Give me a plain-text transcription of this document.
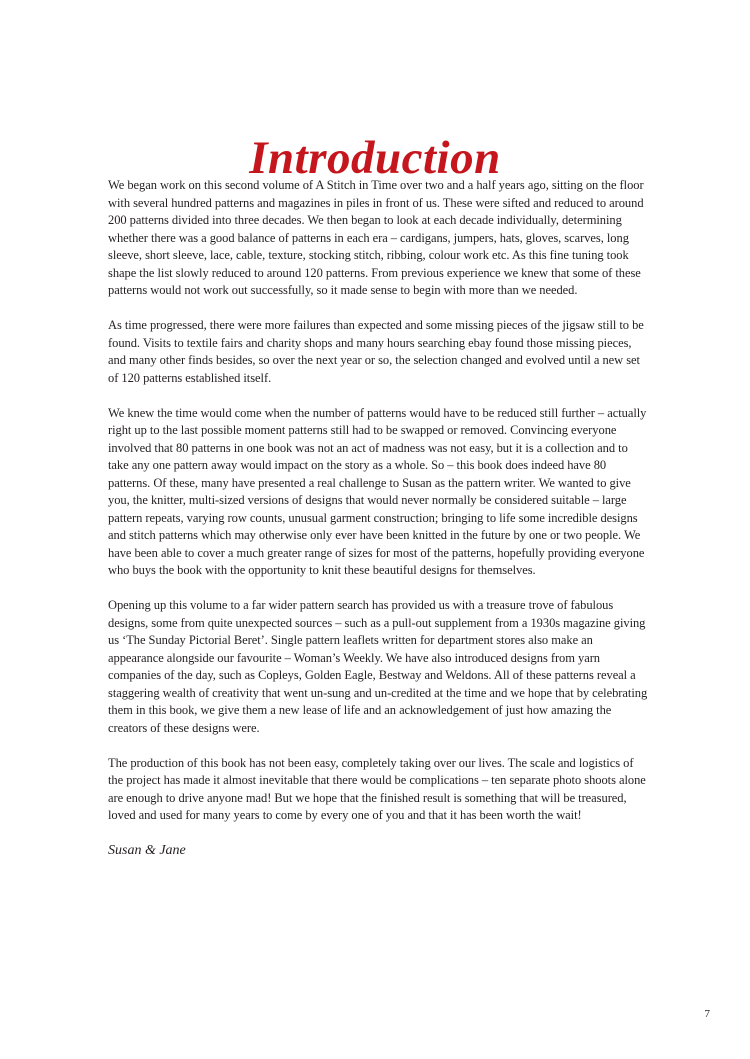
Introduction

We began work on this second volume of A Stitch in Time over two and a half years ago, sitting on the floor with several hundred patterns and magazines in piles in front of us. These were sifted and reduced to around 200 patterns divided into three decades. We then began to look at each decade individually, determining whether there was a good balance of patterns in each era – cardigans, jumpers, hats, gloves, scarves, long sleeve, short sleeve, lace, cable, texture, stocking stitch, ribbing, colour work etc. As this fine tuning took shape the list slowly reduced to around 120 patterns. From previous experience we knew that some of these patterns would not work out successfully, so it made sense to begin with more than we needed.

As time progressed, there were more failures than expected and some missing pieces of the jigsaw still to be found. Visits to textile fairs and charity shops and many hours searching ebay found those missing pieces, and many other finds besides, so over the next year or so, the selection changed and evolved until a new set of 120 patterns established itself.

We knew the time would come when the number of patterns would have to be reduced still further – actually right up to the last possible moment patterns still had to be swapped or removed. Convincing everyone involved that 80 patterns in one book was not an act of madness was not easy, but it is a collection and to take any one pattern away would impact on the story as a whole. So – this book does indeed have 80 patterns. Of these, many have presented a real challenge to Susan as the pattern writer. We wanted to give you, the knitter, multi-sized versions of designs that would never normally be considered suitable – large pattern repeats, varying row counts, unusual garment construction; bringing to life some incredible designs and stitch patterns which may otherwise only ever have been knitted in the future by one or two people. We have been able to cover a much greater range of sizes for most of the patterns, hopefully providing everyone who buys the book with the opportunity to knit these beautiful designs for themselves.

Opening up this volume to a far wider pattern search has provided us with a treasure trove of fabulous designs, some from quite unexpected sources – such as a pull-out supplement from a 1930s magazine giving us ‘The Sunday Pictorial Beret’. Single pattern leaflets written for department stores also make an appearance alongside our favourite – Woman’s Weekly. We have also introduced designs from yarn companies of the day, such as Copleys, Golden Eagle, Bestway and Weldons. All of these patterns reveal a staggering wealth of creativity that went un-sung and un-credited at the time and we hope that by celebrating them in this book, we give them a new lease of life and an acknowledgement of just how amazing the creators of these designs were.

The production of this book has not been easy, completely taking over our lives. The scale and logistics of the project has made it almost inevitable that there would be complications – ten separate photo shoots alone are enough to drive anyone mad! But we hope that the finished result is something that will be treasured, loved and used for many years to come by every one of you and that it has been worth the wait!

Susan & Jane

7
